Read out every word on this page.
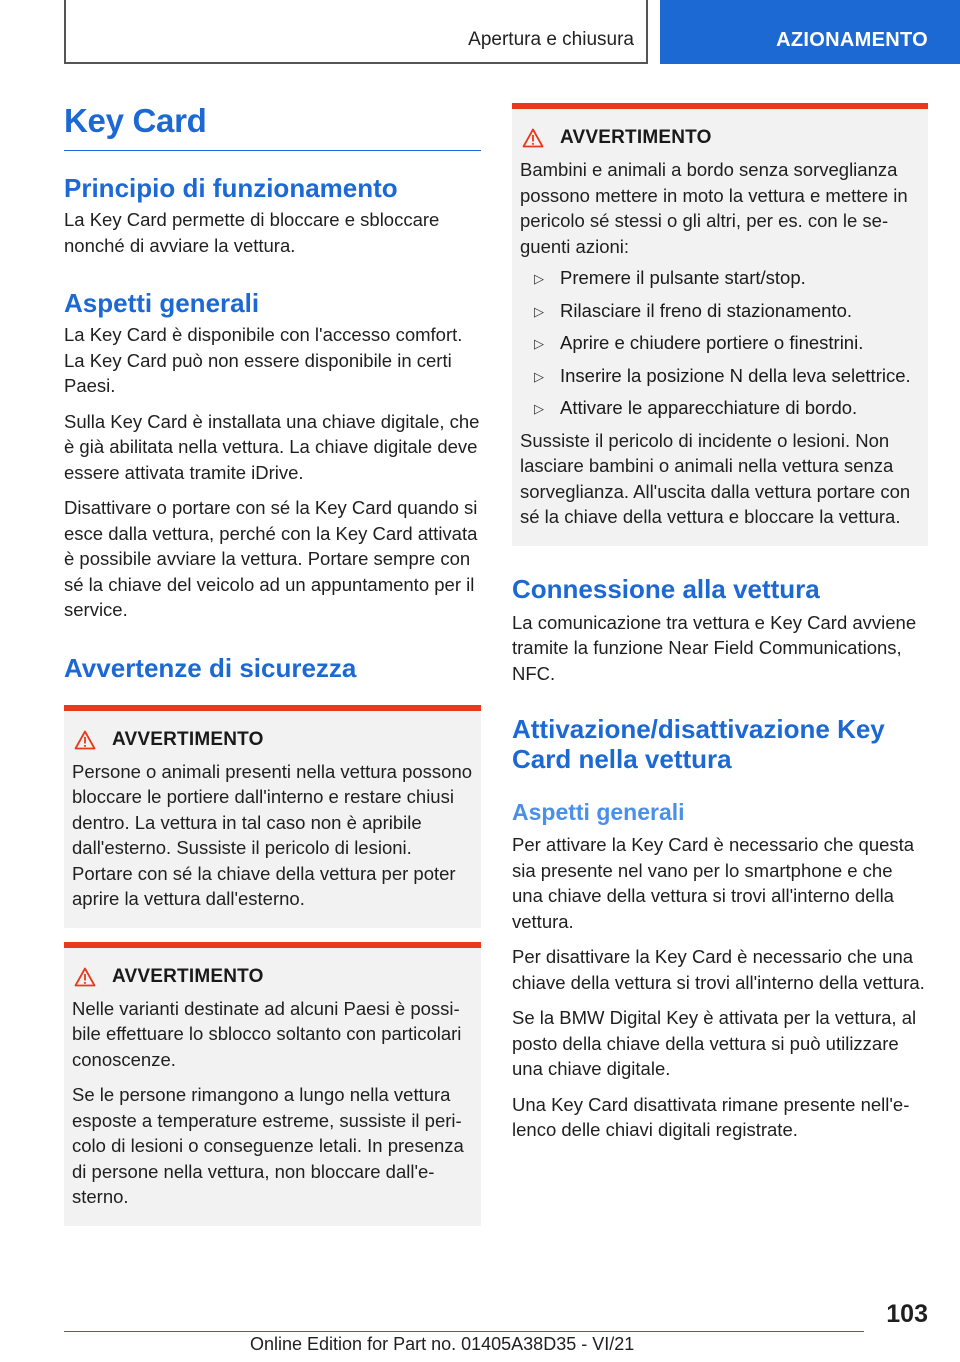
Apertura e chiusura	AZIONAMENTO
Key Card
Principio di funzionamento

La Key Card permette di bloccare e sbloccare nonché di avviare la vettura.

Aspetti generali

La Key Card è disponibile con l'accesso comfort. La Key Card può non essere disponibile in certi Paesi.

Sulla Key Card è installata una chiave digitale, che è già abilitata nella vettura. La chiave digitale deve essere attivata tramite iDrive.

Disattivare o portare con sé la Key Card quando si esce dalla vettura, perché con la Key Card attivata è possibile avviare la vettura. Portare sempre con sé la chiave del veicolo ad un appuntamento per il service.

Avvertenze di sicurezza
AVVERTIMENTO

Persone o animali presenti nella vettura possono bloccare le portiere dall'interno e restare chiusi dentro. La vettura in tal caso non è apribile dall'esterno. Sussiste il pericolo di lesioni. Portare con sé la chiave della vettura per poter aprire la vettura dall'esterno.

AVVERTIMENTO

Nelle varianti destinate ad alcuni Paesi è possibile effettuare lo sblocco soltanto con particolari conoscenze.

Se le persone rimangono a lungo nella vettura esposte a temperature estreme, sussiste il pericolo di lesioni o conseguenze letali. In presenza di persone nella vettura, non bloccare dall'esterno.

AVVERTIMENTO

Bambini e animali a bordo senza sorveglianza possono mettere in moto la vettura e mettere in pericolo sé stessi o gli altri, per es. con le seguenti azioni:

▷ Premere il pulsante start/stop.
▷ Rilasciare il freno di stazionamento.
▷ Aprire e chiudere portiere o finestrini.
▷ Inserire la posizione N della leva selettrice.
▷ Attivare le apparecchiature di bordo.

Sussiste il pericolo di incidente o lesioni. Non lasciare bambini o animali nella vettura senza sorveglianza. All'uscita dalla vettura portare con sé la chiave della vettura e bloccare la vettura.

Connessione alla vettura

La comunicazione tra vettura e Key Card avviene tramite la funzione Near Field Communications, NFC.

Attivazione/disattivazione Key Card nella vettura
Aspetti generali

Per attivare la Key Card è necessario che questa sia presente nel vano per lo smartphone e che una chiave della vettura si trovi all'interno della vettura.

Per disattivare la Key Card è necessario che una chiave della vettura si trovi all'interno della vettura.

Se la BMW Digital Key è attivata per la vettura, al posto della chiave della vettura si può utilizzare una chiave digitale.

Una Key Card disattivata rimane presente nell'elenco delle chiavi digitali registrate.

103
Online Edition for Part no. 01405A38D35 - VI/21
